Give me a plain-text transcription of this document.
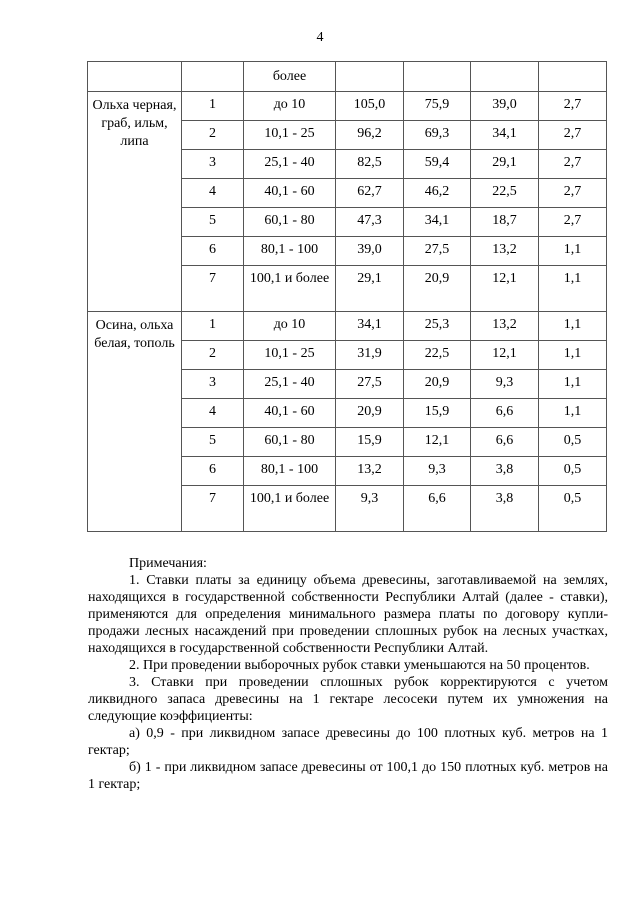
4
		более				
Ольха черная, граб, ильм, липа	1	до 10	105,0	75,9	39,0	2,7
	2	10,1 - 25	96,2	69,3	34,1	2,7
	3	25,1 - 40	82,5	59,4	29,1	2,7
	4	40,1 - 60	62,7	46,2	22,5	2,7
	5	60,1 - 80	47,3	34,1	18,7	2,7
	6	80,1 - 100	39,0	27,5	13,2	1,1
	7	100,1 и более	29,1	20,9	12,1	1,1
Осина, ольха белая, тополь	1	до 10	34,1	25,3	13,2	1,1
	2	10,1 - 25	31,9	22,5	12,1	1,1
	3	25,1 - 40	27,5	20,9	9,3	1,1
	4	40,1 - 60	20,9	15,9	6,6	1,1
	5	60,1 - 80	15,9	12,1	6,6	0,5
	6	80,1 - 100	13,2	9,3	3,8	0,5
	7	100,1 и более	9,3	6,6	3,8	0,5

Примечания:

1. Ставки платы за единицу объема древесины, заготавливаемой на землях, находящихся в государственной собственности Республики Алтай (далее - ставки), применяются для определения минимального размера платы по договору купли-продажи лесных насаждений при проведении сплошных рубок на лесных участках, находящихся в государственной собственности Республики Алтай.

2. При проведении выборочных рубок ставки уменьшаются на 50 процентов.

3. Ставки при проведении сплошных рубок корректируются с учетом ликвидного запаса древесины на 1 гектаре лесосеки путем их умножения на следующие коэффициенты:

а) 0,9 - при ликвидном запасе древесины до 100 плотных куб. метров на 1 гектар;

б) 1 - при ликвидном запасе древесины от 100,1 до 150 плотных куб. метров на 1 гектар;
